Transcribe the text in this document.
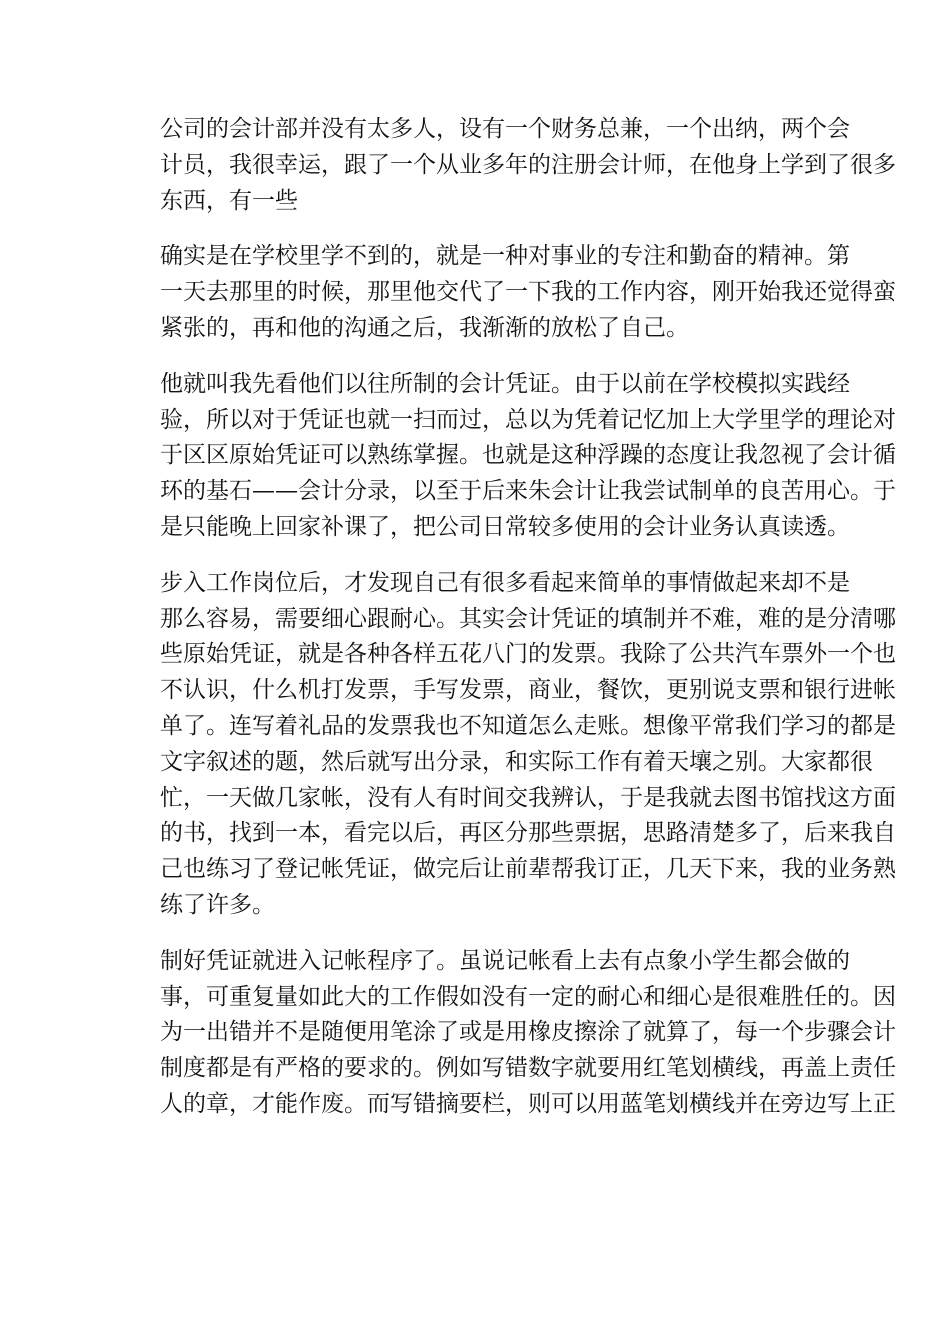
公司的会计部并没有太多人，设有一个财务总兼，一个出纳，两个会
计员，我很幸运，跟了一个从业多年的注册会计师，在他身上学到了很多
东西，有一些

确实是在学校里学不到的，就是一种对事业的专注和勤奋的精神。第
一天去那里的时候，那里他交代了一下我的工作内容，刚开始我还觉得蛮
紧张的，再和他的沟通之后，我渐渐的放松了自己。

他就叫我先看他们以往所制的会计凭证。由于以前在学校模拟实践经
验，所以对于凭证也就一扫而过，总以为凭着记忆加上大学里学的理论对
于区区原始凭证可以熟练掌握。也就是这种浮躁的态度让我忽视了会计循
环的基石——会计分录，以至于后来朱会计让我尝试制单的良苦用心。于
是只能晚上回家补课了，把公司日常较多使用的会计业务认真读透。

步入工作岗位后，才发现自己有很多看起来简单的事情做起来却不是
那么容易，需要细心跟耐心。其实会计凭证的填制并不难，难的是分清哪
些原始凭证，就是各种各样五花八门的发票。我除了公共汽车票外一个也
不认识，什么机打发票，手写发票，商业，餐饮，更别说支票和银行进帐
单了。连写着礼品的发票我也不知道怎么走账。想像平常我们学习的都是
文字叙述的题，然后就写出分录，和实际工作有着天壤之别。大家都很
忙，一天做几家帐，没有人有时间交我辨认，于是我就去图书馆找这方面
的书，找到一本，看完以后，再区分那些票据，思路清楚多了，后来我自
己也练习了登记帐凭证，做完后让前辈帮我订正，几天下来，我的业务熟
练了许多。

制好凭证就进入记帐程序了。虽说记帐看上去有点象小学生都会做的
事，可重复量如此大的工作假如没有一定的耐心和细心是很难胜任的。因
为一出错并不是随便用笔涂了或是用橡皮擦涂了就算了，每一个步骤会计
制度都是有严格的要求的。例如写错数字就要用红笔划横线，再盖上责任
人的章，才能作废。而写错摘要栏，则可以用蓝笔划横线并在旁边写上正
